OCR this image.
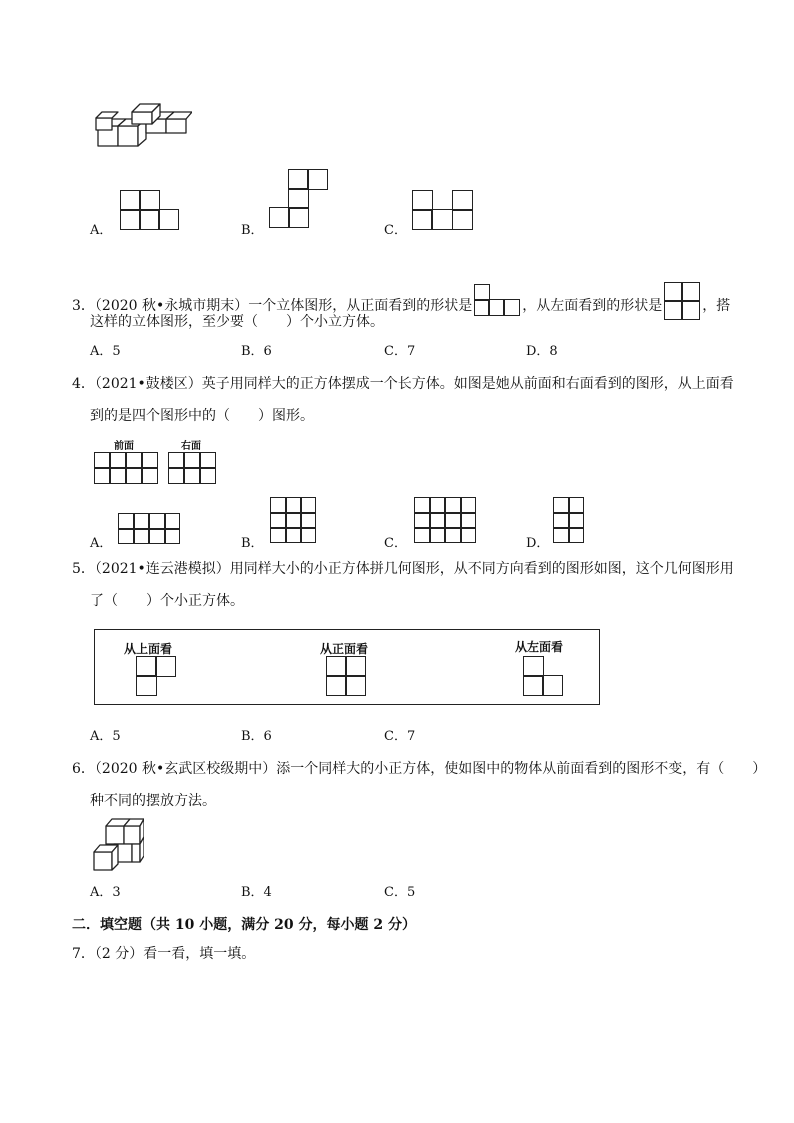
A．	B．	C．
3．（2020 秋•永城市期末）一个立体图形，从正面看到的形状是	，从左面看到的形状是	，搭
这样的立体图形，至少要（　　）个小立方体。
A．5	B．6	C．7	D．8
4．（2021•鼓楼区）英子用同样大的正方体摆成一个长方体。如图是她从前面和右面看到的图形，从上面看
到的是四个图形中的（　　）图形。
前面	右面
A．	B．	C．	D．
5．（2021•连云港模拟）用同样大小的小正方体拼几何图形，从不同方向看到的图形如图，这个几何图形用
了（　　）个小正方体。
从上面看	从正面看	从左面看
A．5	B．6	C．7
6．（2020 秋•玄武区校级期中）添一个同样大的小正方体，使如图中的物体从前面看到的图形不变，有（　　）
种不同的摆放方法。
A．3	B．4	C．5
二．填空题（共 10 小题，满分 20 分，每小题 2 分）
7．（2 分）看一看，填一填。
